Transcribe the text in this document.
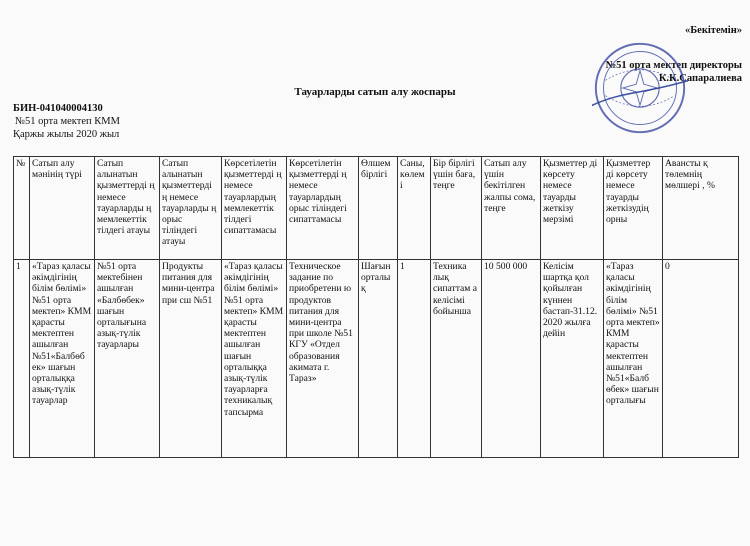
«Бекітемін»
№51 орта мектеп директоры
К.К.Сапаралиева
Тауарларды сатып алу жоспары
БИН-041040004130
№51 орта мектеп КММ
Қаржы жылы 2020 жыл
№	Сатып алу мәнінің түрі	Сатып алынатын қызметтерді ң немесе тауарларды ң мемлекеттік тілдегі атауы	Сатып алынатын қызметтерді ң немесе тауарларды ң орыс тіліндегі атауы	Көрсетілетін қызметтерді ң немесе тауарлардың мемлекеттік тілдегі сипаттамасы	Көрсетілетін қызметтерді ң немесе тауарлардың орыс тіліндегі сипаттамасы	Өлшем бірлігі	Саны, көлем і	Бір бірлігі үшін баға, теңге	Сатып алу үшін бекітілген жалпы сома, теңге	Қызметтер ді көрсету немесе тауарды жеткізу мерзімі	Қызметтер ді көрсету немесе тауарды жеткізудің орны	Авансты қ төлемнің мөлшері , %
1	«Тараз қаласы әкімдігінің білім бөлімі» №51 орта мектеп» КММ қарасты мектептен ашылған №51«Балбөб ек» шағын орталыққа азық-түлік тауарлар	№51 орта мектебінен ашылған «Балбөбек» шағын орталығына азық-түлік тауарлары	Продукты питания для мини-центра при сш №51	«Тараз қаласы әкімдігінің білім бөлімі» №51 орта мектеп» КММ қарасты мектептен ашылған шағын орталыққа азық-түлік тауарларға техникалық тапсырма	Техническое задание по приобретени ю продуктов питания для мини-центра при школе №51 КГУ «Отдел образования акимата г. Тараз»	Шағын орталы қ	1	Техника лық сипаттам а келісімі бойынша	10 500 000	Келісім шартқа қол қойылған күннен бастап-31.12.2020 жылға дейін	«Тараз қаласы әкімдігінің білім бөлімі» №51 орта мектеп» КММ қарасты мектептен ашылған №51«Балб өбек» шағын орталығы	0
